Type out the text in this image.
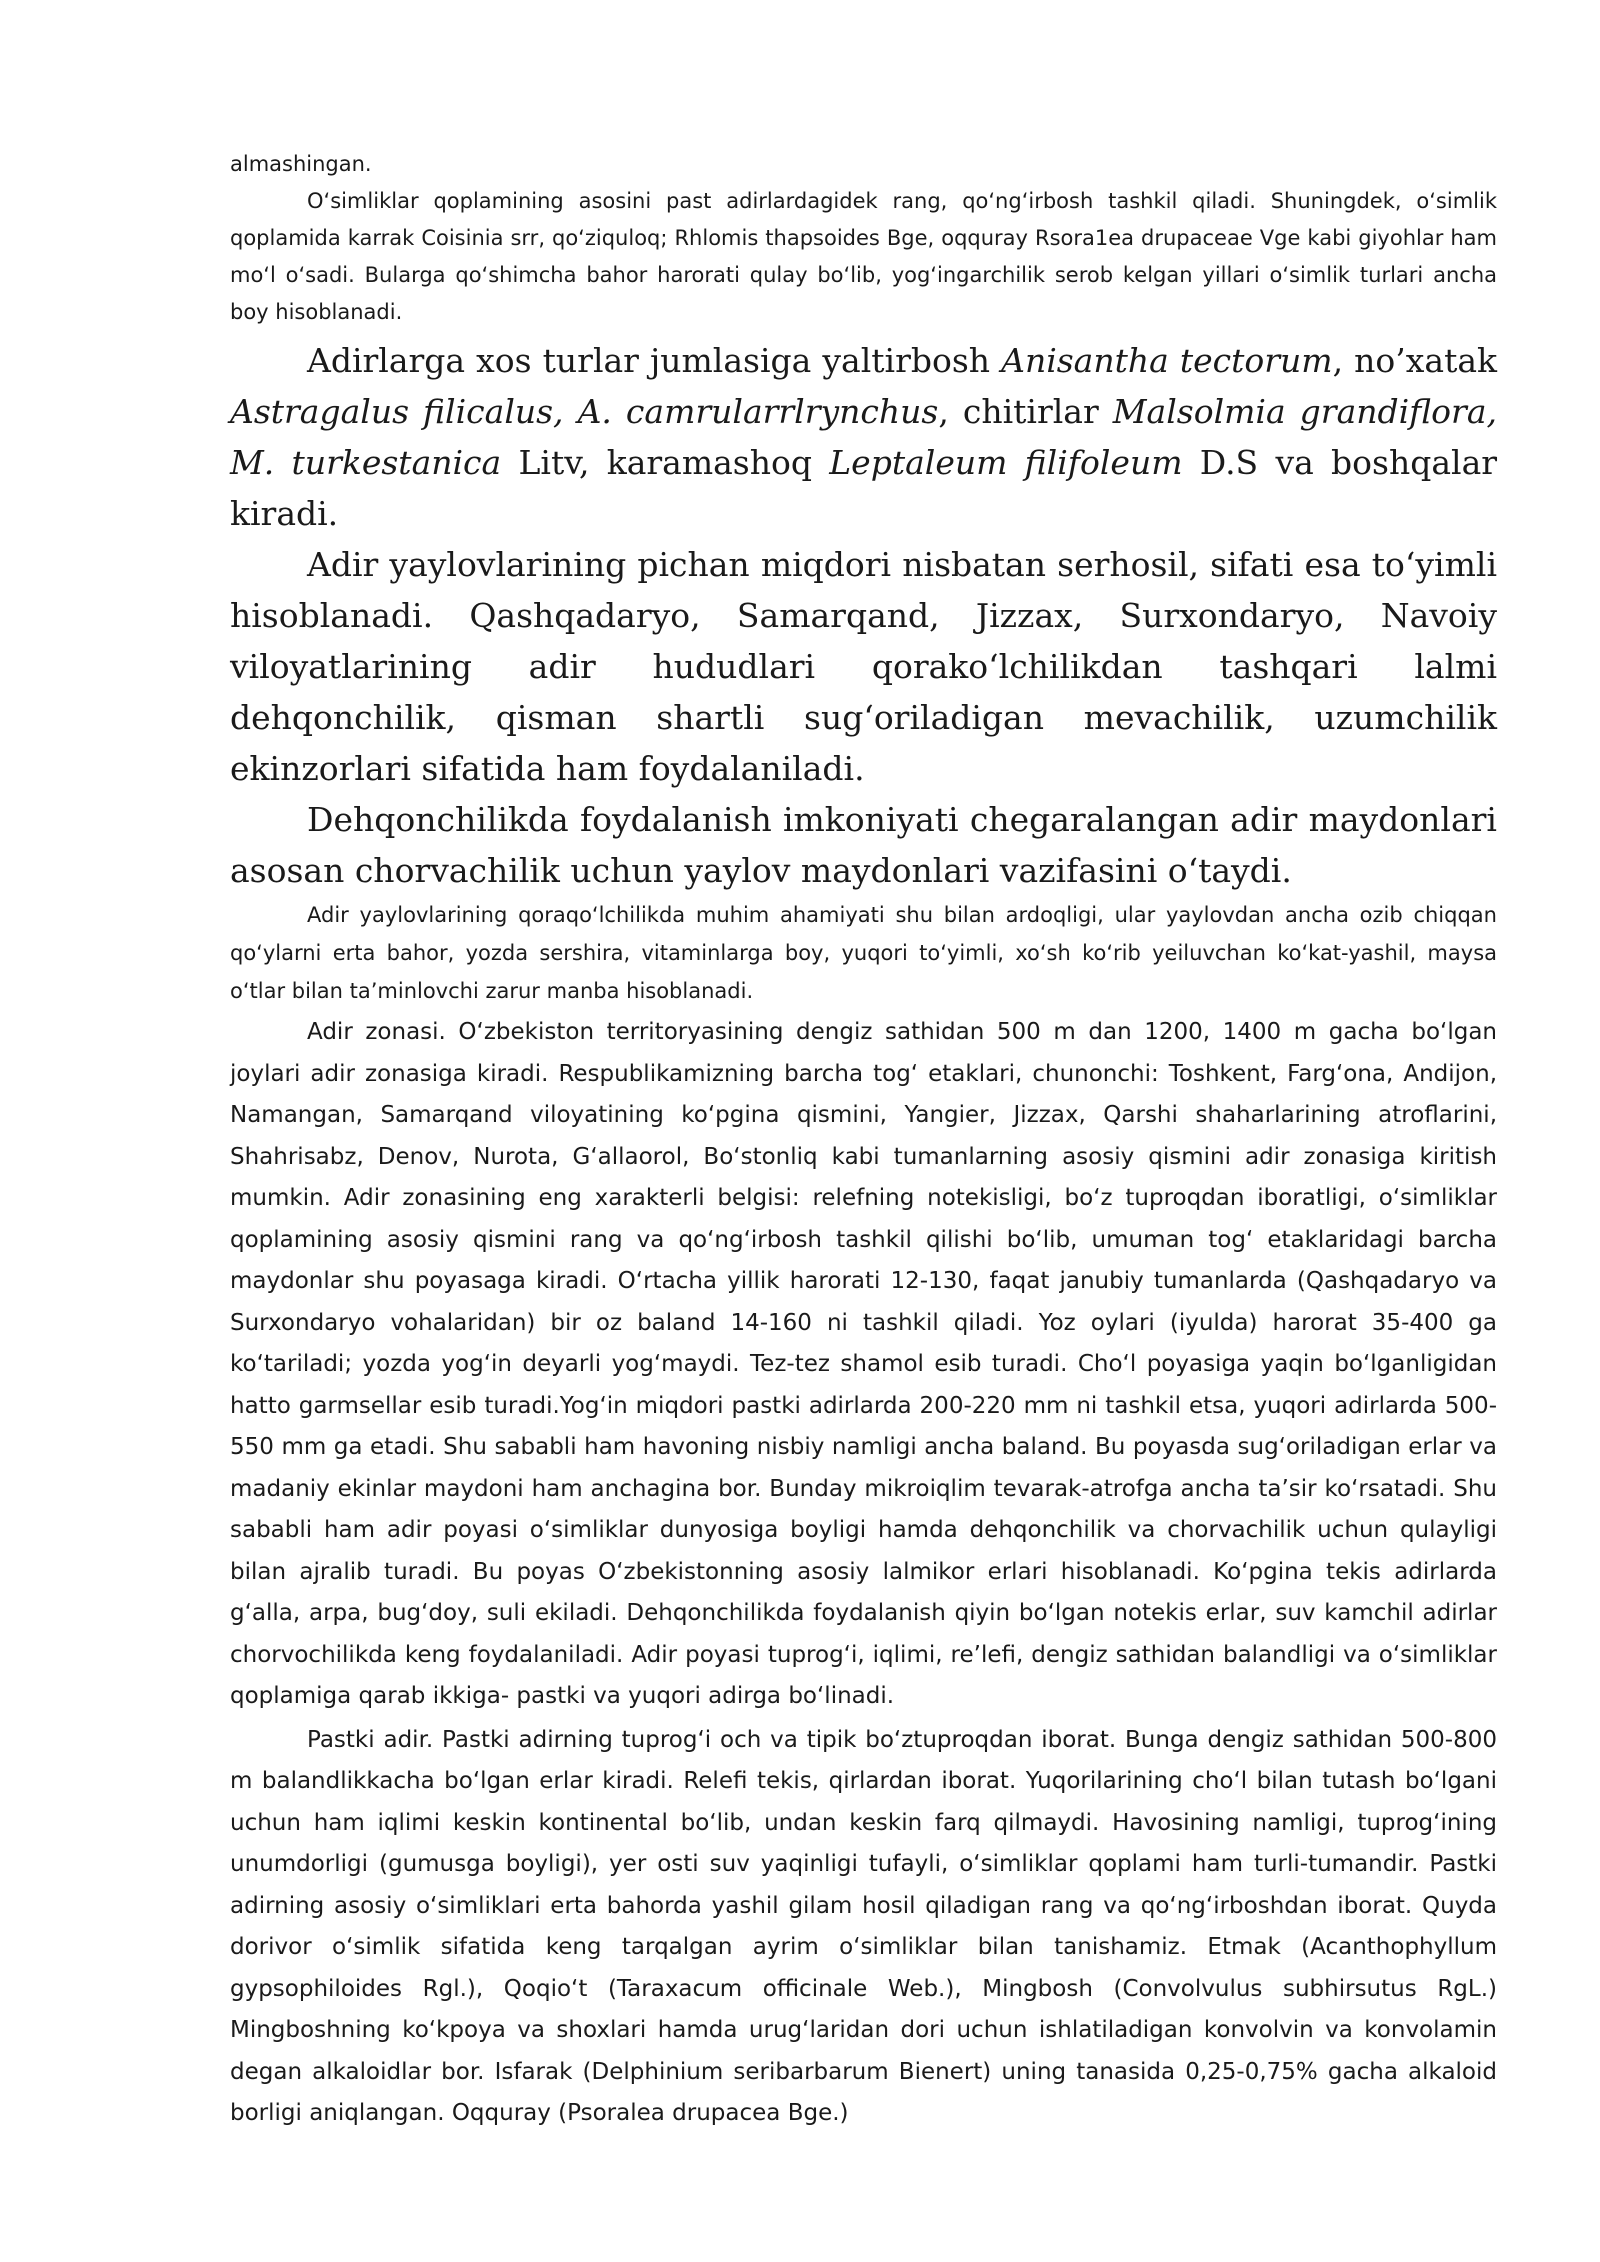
almashingan.

O‘simliklar qoplamining asosini past adirlardagidek rang, qo‘ng‘irbosh tashkil qiladi. Shuningdek, o‘simlik qoplamida karrak Coisinia srr, qo‘ziquloq; Rhlomis thapsoides Bge, oqquray Rsora1ea drupaceae Vge kabi giyohlar ham mo‘l o‘sadi. Bularga qo‘shimcha bahor harorati qulay bo‘lib, yog‘ingarchilik serob kelgan yillari o‘simlik turlari ancha boy hisoblanadi.

Adirlarga xos turlar jumlasiga yaltirbosh Anisantha tectorum, no’xatak Astragalus filicalus, A. camrularrlrynchus, chitirlar Malsolmia grandiflora, M. turkestanica Litv, karamashoq Leptaleum filifoleum D.S va boshqalar kiradi.

Adir yaylovlarining pichan miqdori nisbatan serhosil, sifati esa to‘yimli hisoblanadi. Qashqadaryo, Samarqand, Jizzax, Surxondaryo, Navoiy viloyatlarining adir hududlari qorako‘lchilikdan tashqari lalmi dehqonchilik, qisman shartli sug‘oriladigan mevachilik, uzumchilik ekinzorlari sifatida ham foydalaniladi.

Dehqonchilikda foydalanish imkoniyati chegaralangan adir maydonlari asosan chorvachilik uchun yaylov maydonlari vazifasini o‘taydi.

Adir yaylovlarining qoraqo‘lchilikda muhim ahamiyati shu bilan ardoqligi, ular yaylovdan ancha ozib chiqqan qo‘ylarni erta bahor, yozda sershira, vitaminlarga boy, yuqori to‘yimli, xo‘sh ko‘rib yeiluvchan ko‘kat-yashil, maysa o‘tlar bilan ta’minlovchi zarur manba hisoblanadi.

Adir zonasi. O‘zbekiston territoryasining dengiz sathidan 500 m dan 1200, 1400 m gacha bo‘lgan joylari adir zonasiga kiradi. Respublikamizning barcha tog‘ etaklari, chunonchi: Toshkent, Farg‘ona, Andijon, Namangan, Samarqand viloyatining ko‘pgina qismini, Yangier, Jizzax, Qarshi shaharlarining atroflarini, Shahrisabz, Denov, Nurota, G‘allaorol, Bo‘stonliq kabi tumanlarning asosiy qismini adir zonasiga kiritish mumkin. Adir zonasining eng xarakterli belgisi: relefning notekisligi, bo‘z tuproqdan iboratligi, o‘simliklar qoplamining asosiy qismini rang va qo‘ng‘irbosh tashkil qilishi bo‘lib, umuman tog‘ etaklaridagi barcha maydonlar shu poyasaga kiradi. O‘rtacha yillik harorati 12-130, faqat janubiy tumanlarda (Qashqadaryo va Surxondaryo vohalaridan) bir oz baland 14-160 ni tashkil qiladi. Yoz oylari (iyulda) harorat 35-400 ga ko‘tariladi; yozda yog‘in deyarli yog‘maydi. Tez-tez shamol esib turadi. Cho‘l poyasiga yaqin bo‘lganligidan hatto garmsellar esib turadi.Yog‘in miqdori pastki adirlarda 200-220 mm ni tashkil etsa, yuqori adirlarda 500-550 mm ga etadi. Shu sababli ham havoning nisbiy namligi ancha baland. Bu poyasda sug‘oriladigan erlar va madaniy ekinlar maydoni ham anchagina bor. Bunday mikroiqlim tevarak-atrofga ancha ta’sir ko‘rsatadi. Shu sababli ham adir poyasi o‘simliklar dunyosiga boyligi hamda dehqonchilik va chorvachilik uchun qulayligi bilan ajralib turadi. Bu poyas O‘zbekistonning asosiy lalmikor erlari hisoblanadi. Ko‘pgina tekis adirlarda g‘alla, arpa, bug‘doy, suli ekiladi. Dehqonchilikda foydalanish qiyin bo‘lgan notekis erlar, suv kamchil adirlar chorvochilikda keng foydalaniladi. Adir poyasi tuprog‘i, iqlimi, re’lefi, dengiz sathidan balandligi va o‘simliklar qoplamiga qarab ikkiga- pastki va yuqori adirga bo‘linadi.

Pastki adir. Pastki adirning tuprog‘i och va tipik bo‘ztuproqdan iborat. Bunga dengiz sathidan 500-800 m balandlikkacha bo‘lgan erlar kiradi. Relefi tekis, qirlardan iborat. Yuqorilarining cho‘l bilan tutash bo‘lgani uchun ham iqlimi keskin kontinental bo‘lib, undan keskin farq qilmaydi. Havosining namligi, tuprog‘ining unumdorligi (gumusga boyligi), yer osti suv yaqinligi tufayli, o‘simliklar qoplami ham turli-tumandir. Pastki adirning asosiy o‘simliklari erta bahorda yashil gilam hosil qiladigan rang va qo‘ng‘irboshdan iborat. Quyda dorivor o‘simlik sifatida keng tarqalgan ayrim o‘simliklar bilan tanishamiz. Etmak (Acanthophyllum gypsophiloides Rgl.), Qoqio‘t (Taraxacum officinale Web.), Mingbosh (Convolvulus subhirsutus RgL.) Mingboshning ko‘kpoya va shoxlari hamda urug‘laridan dori uchun ishlatiladigan konvolvin va konvolamin degan alkaloidlar bor. Isfarak (Delphinium seribarbarum Bienert) uning tanasida 0,25-0,75% gacha alkaloid borligi aniqlangan. Oqquray (Psoralea drupacea Bge.)
